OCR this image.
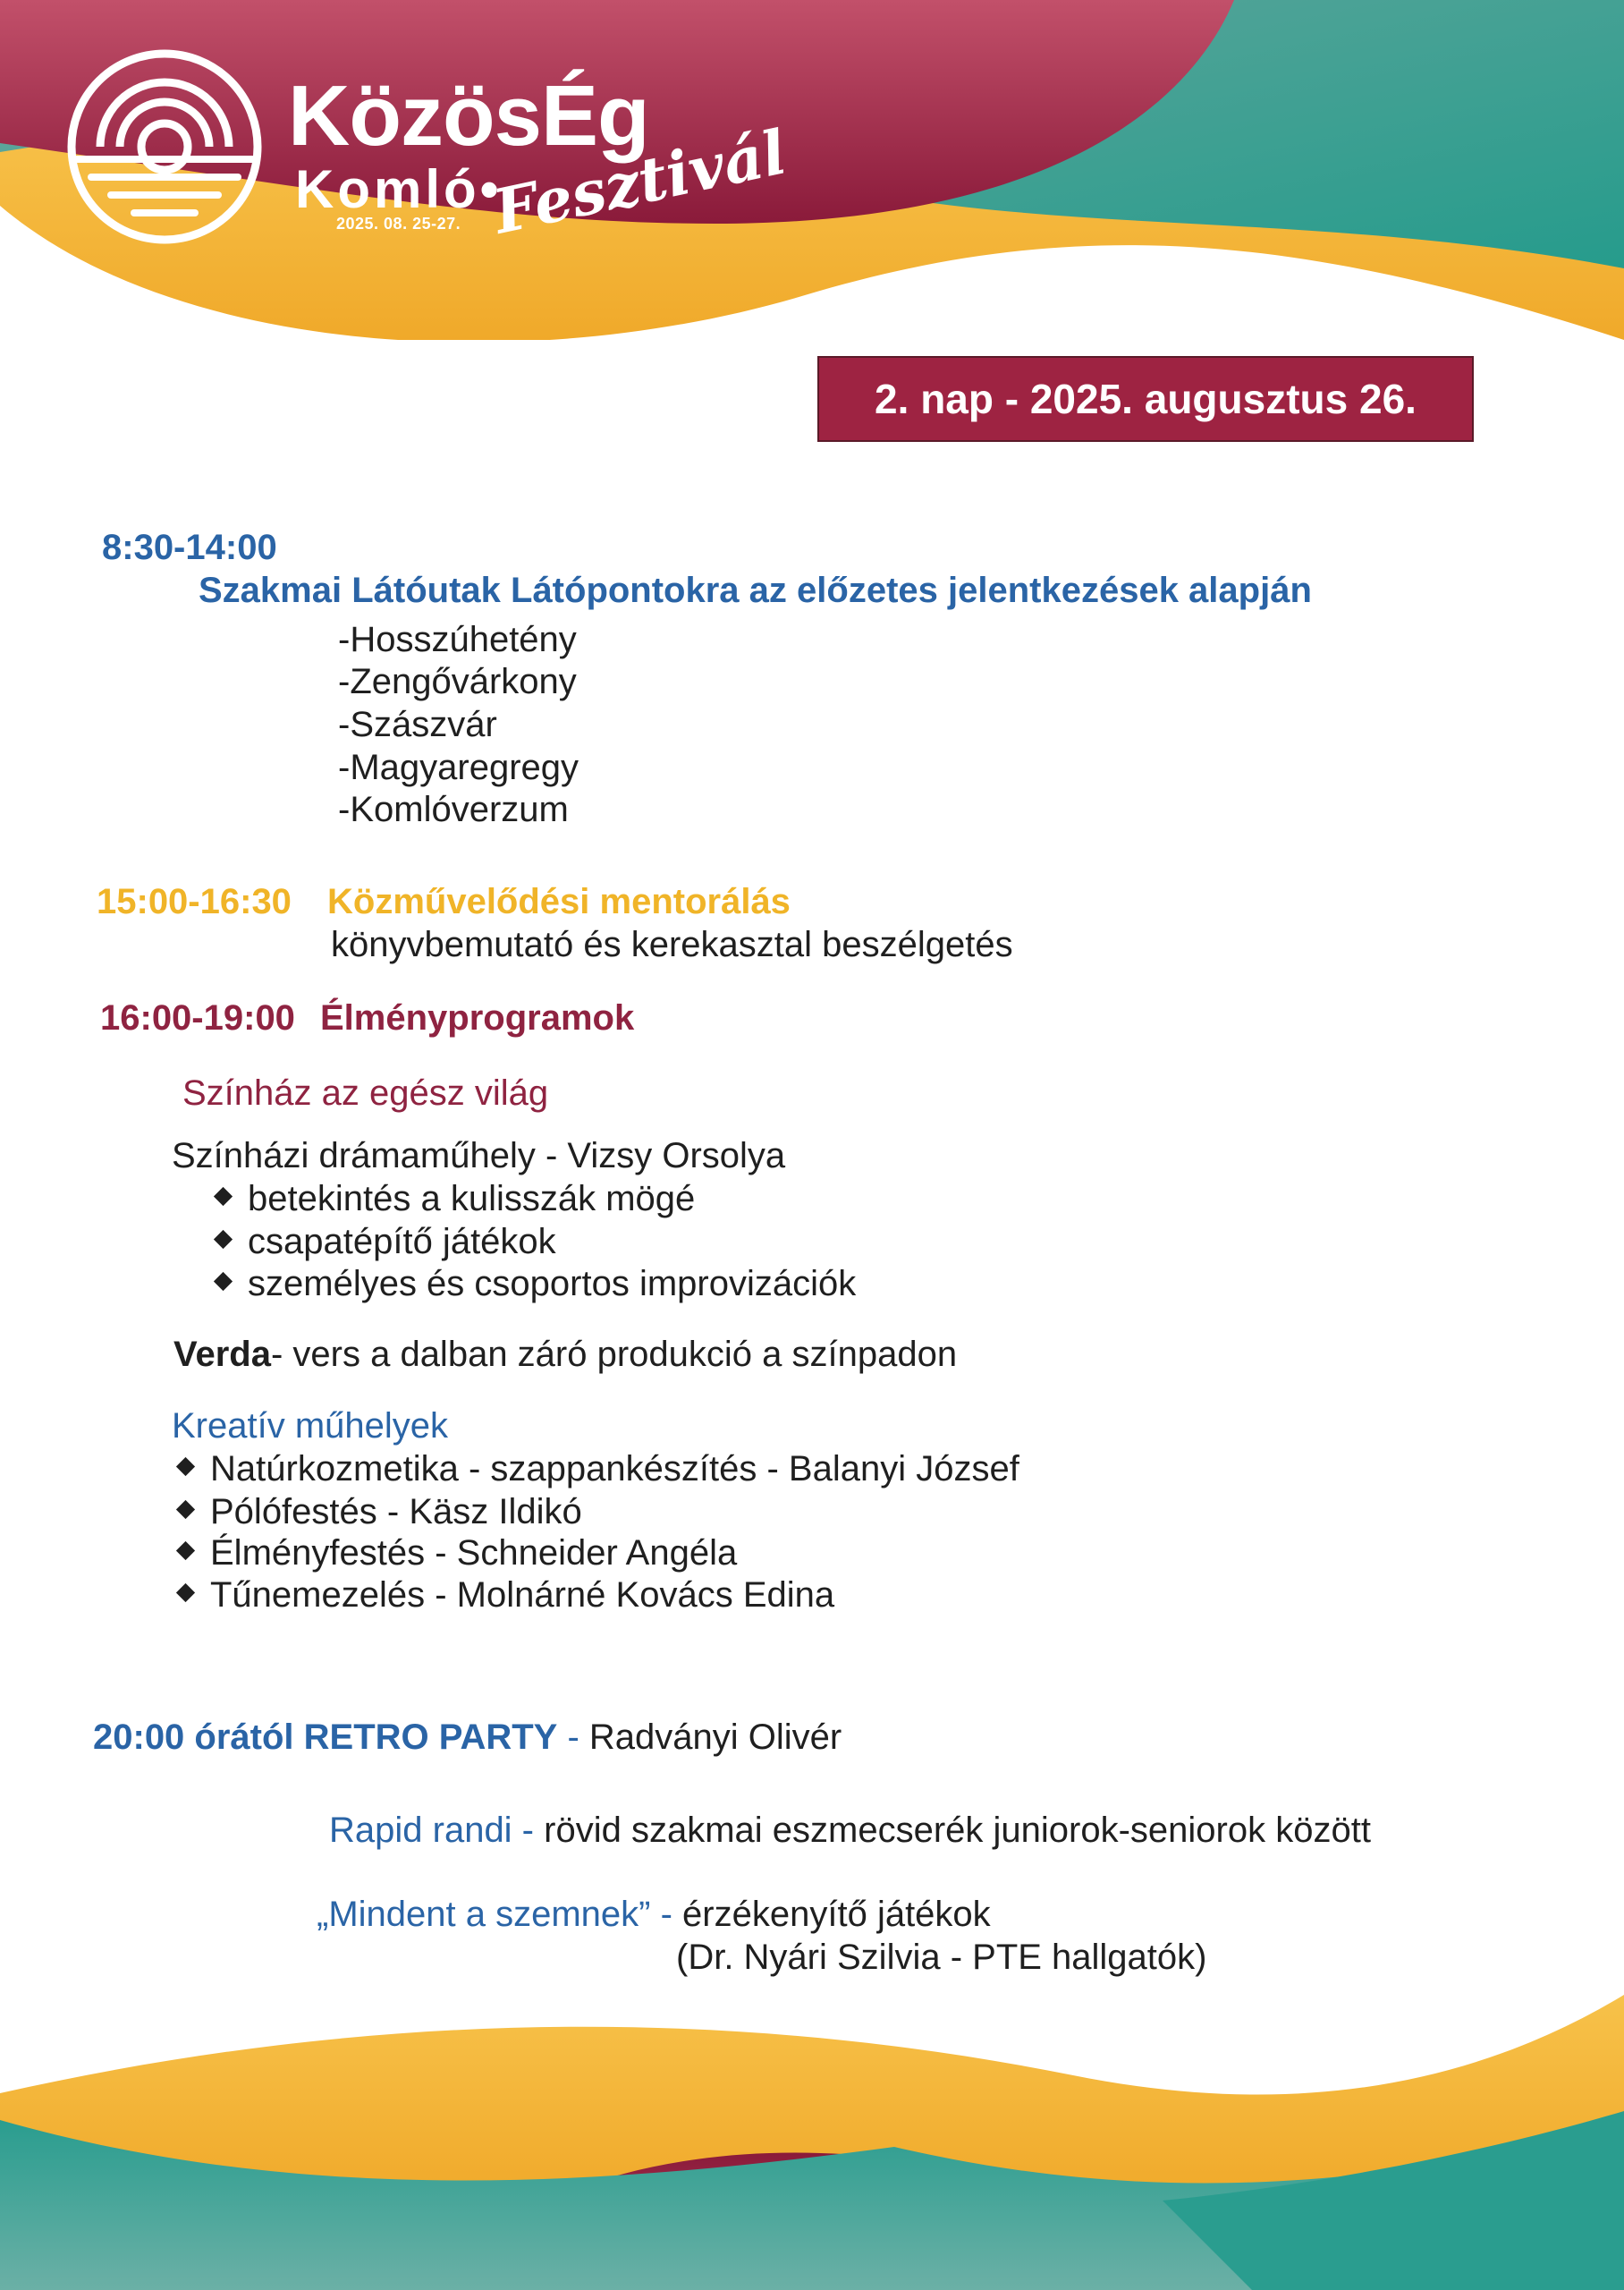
KözösÉg
Komló•
Fesztivál
2025. 08. 25-27.
2. nap - 2025. augusztus 26.
8:30-14:00
Szakmai Látóutak Látópontokra az előzetes jelentkezések alapján
-Hosszúhetény
-Zengővárkony
-Szászvár
-Magyaregregy
-Komlóverzum
15:00-16:30 Közművelődési mentorálás
könyvbemutató és kerekasztal beszélgetés
16:00-19:00 Élményprogramok
Színház az egész világ
Színházi drámaműhely - Vizsy Orsolya
betekintés a kulisszák mögé
csapatépítő játékok
személyes és csoportos improvizációk
Verda- vers a dalban záró produkció a színpadon
Kreatív műhelyek
Natúrkozmetika - szappankészítés - Balanyi József
Pólófestés - Käsz Ildikó
Élményfestés - Schneider Angéla
Tűnemezelés - Molnárné Kovács Edina
20:00 órától RETRO PARTY - Radványi Olivér
Rapid randi - rövid szakmai eszmecserék juniorok-seniorok között
„Mindent a szemnek” - érzékenyítő játékok
(Dr. Nyári Szilvia - PTE hallgatók)
